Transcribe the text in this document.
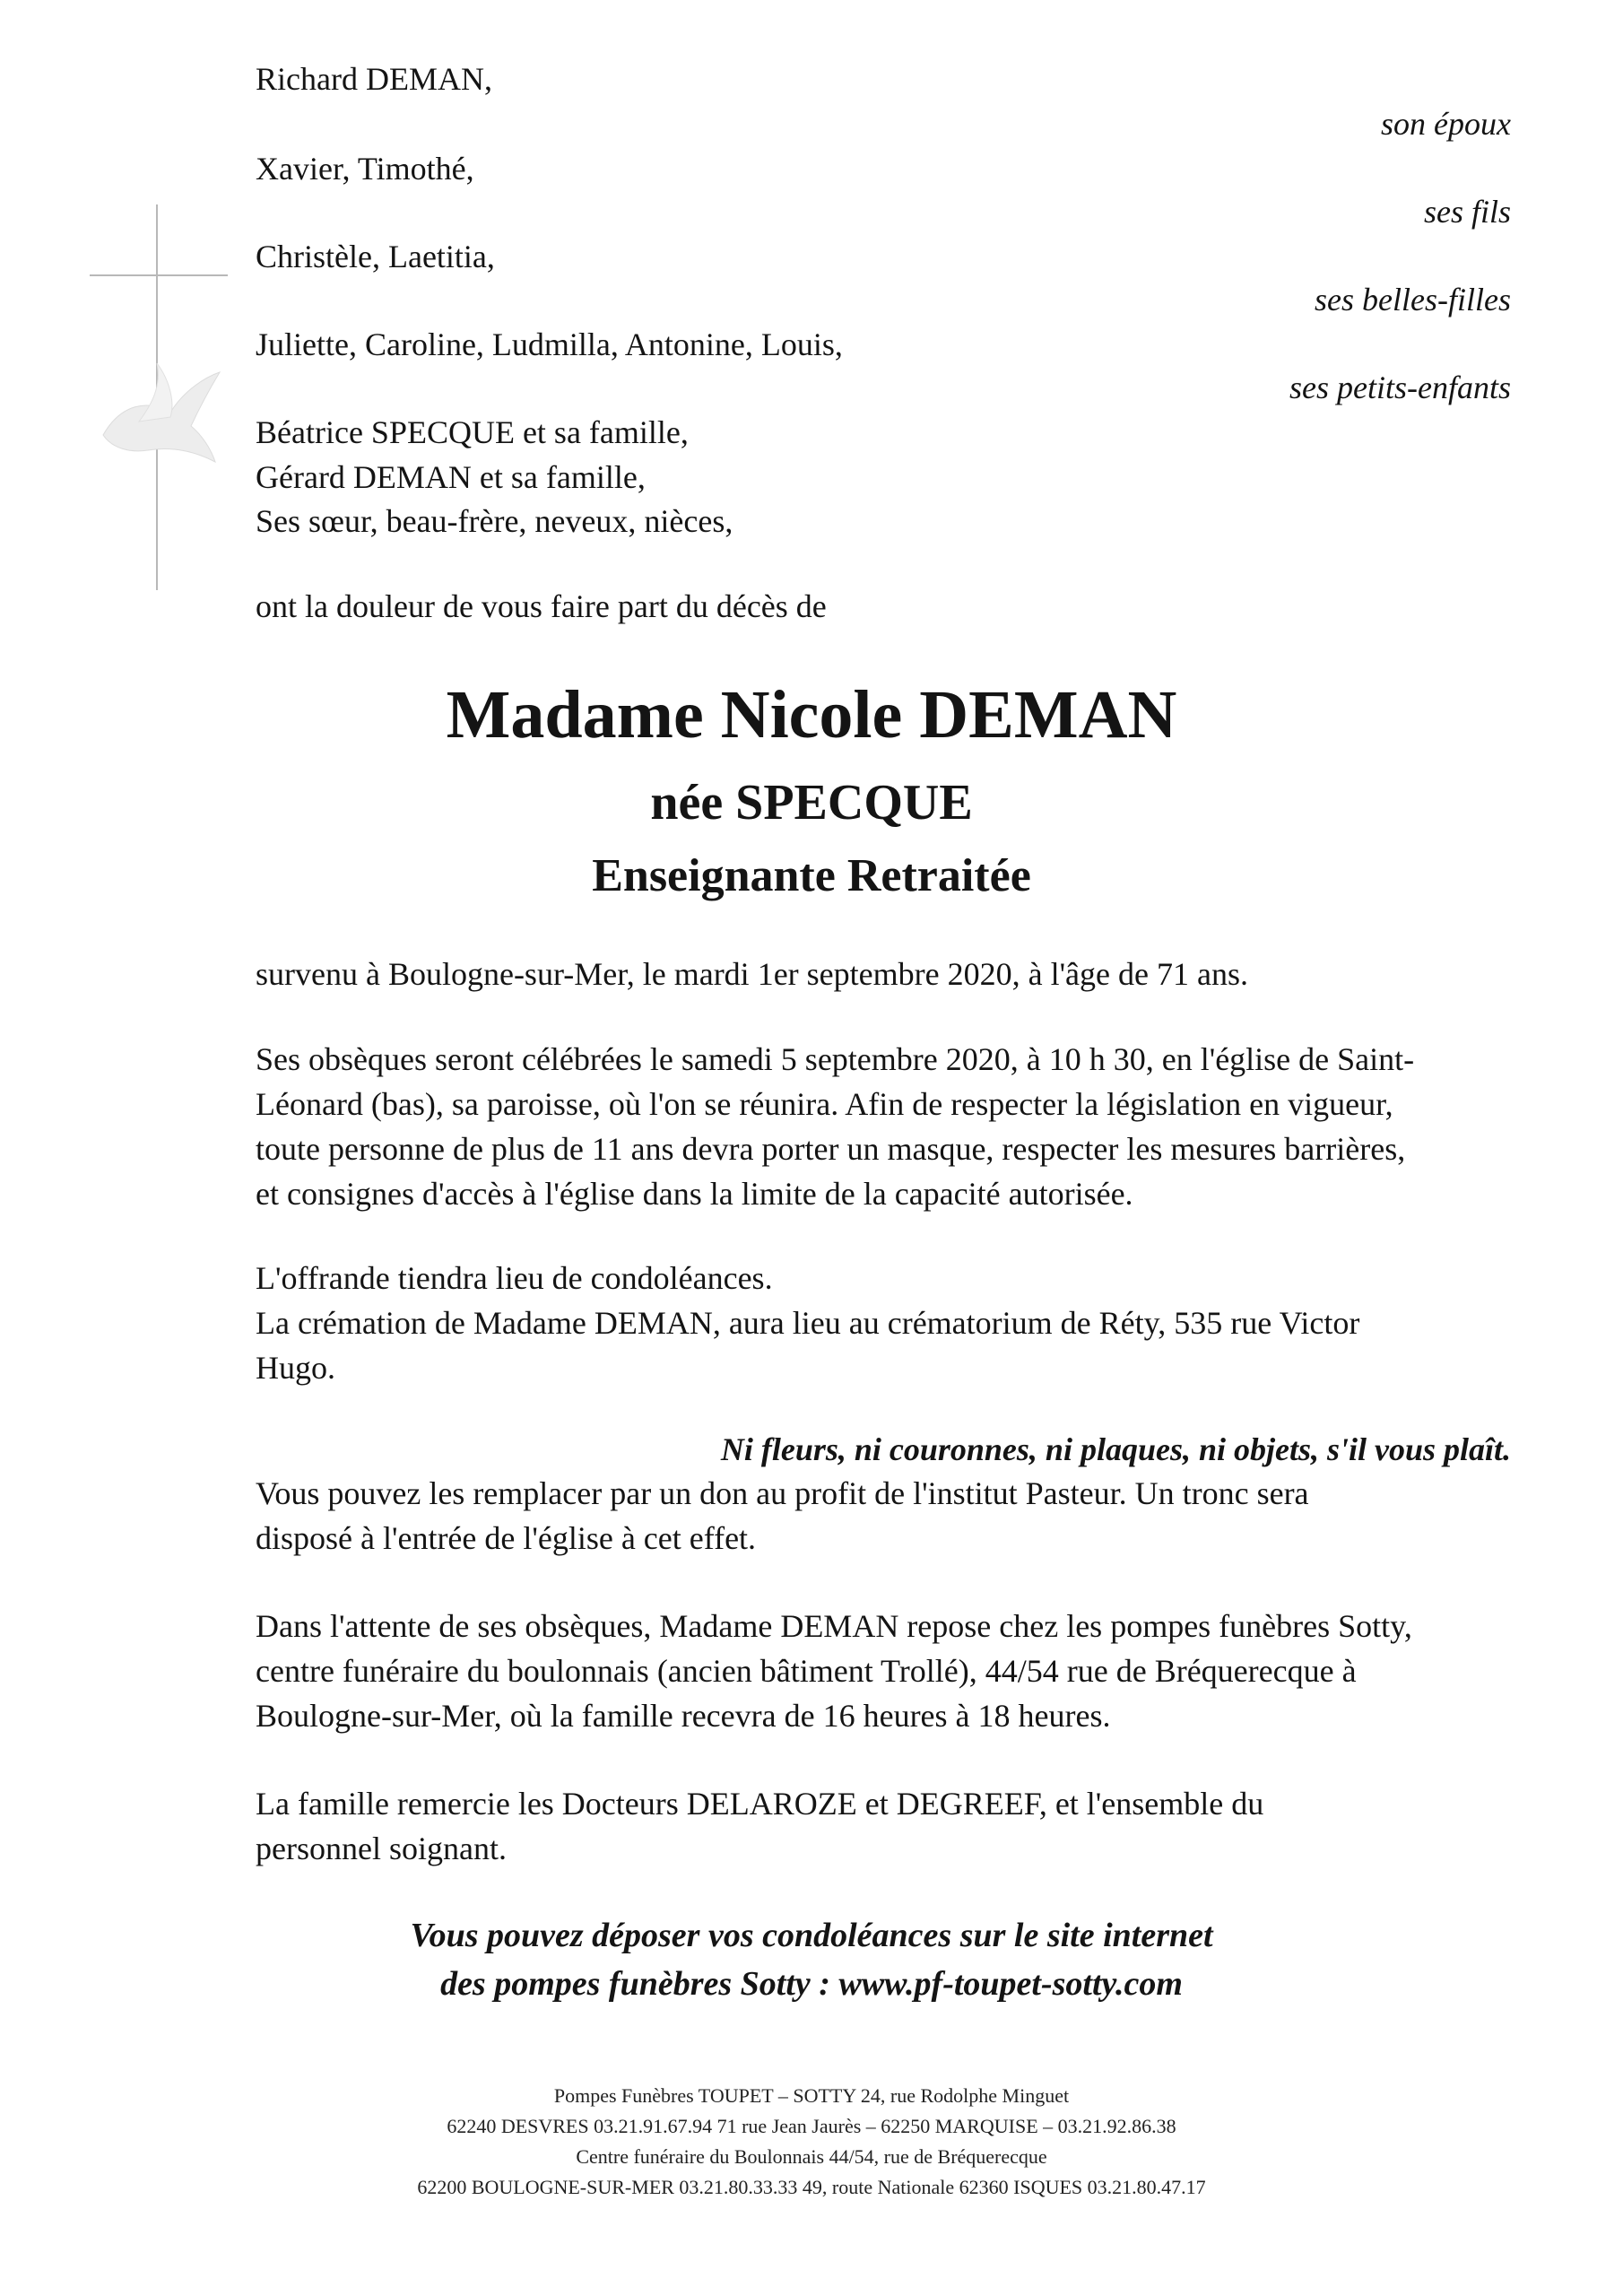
Richard DEMAN,
Xavier, Timothé,
Christèle, Laetitia,
Juliette, Caroline, Ludmilla, Antonine, Louis,
Béatrice SPECQUE et sa famille,
Gérard DEMAN et sa famille,
Ses sœur, beau-frère, neveux, nièces,
son époux
ses fils
ses belles-filles
ses petits-enfants
ont la douleur de vous faire part du décès de
Madame Nicole DEMAN
née SPECQUE
Enseignante Retraitée
survenu à Boulogne-sur-Mer, le mardi 1er septembre 2020, à l'âge de 71 ans.
Ses obsèques seront célébrées le samedi 5 septembre 2020, à 10 h 30, en l'église de Saint-
Léonard (bas), sa paroisse, où l'on se réunira. Afin de respecter la législation en vigueur,
toute personne de plus de 11 ans devra porter un masque, respecter les mesures barrières,
et consignes d'accès à l'église dans la limite de la capacité autorisée.
L'offrande tiendra lieu de condoléances.
La crémation de Madame DEMAN, aura lieu au crématorium de Réty, 535 rue Victor
Hugo.
Ni fleurs, ni couronnes, ni plaques, ni objets, s'il vous plaît.
Vous pouvez les remplacer par un don au profit de l'institut Pasteur. Un tronc sera
disposé à l'entrée de l'église à cet effet.
Dans l'attente de ses obsèques, Madame DEMAN repose chez les pompes funèbres Sotty,
centre funéraire du boulonnais (ancien bâtiment Trollé), 44/54 rue de Bréquerecque à
Boulogne-sur-Mer, où la famille recevra de 16 heures à 18 heures.
La famille remercie les Docteurs DELAROZE et DEGREEF, et l'ensemble du
personnel soignant.
Vous pouvez déposer vos condoléances sur le site internet
des pompes funèbres Sotty : www.pf-toupet-sotty.com
Pompes Funèbres TOUPET – SOTTY 24, rue Rodolphe Minguet
62240 DESVRES 03.21.91.67.94 71 rue Jean Jaurès – 62250 MARQUISE – 03.21.92.86.38
Centre funéraire du Boulonnais 44/54, rue de Bréquerecque
62200 BOULOGNE-SUR-MER 03.21.80.33.33 49, route Nationale 62360 ISQUES 03.21.80.47.17
